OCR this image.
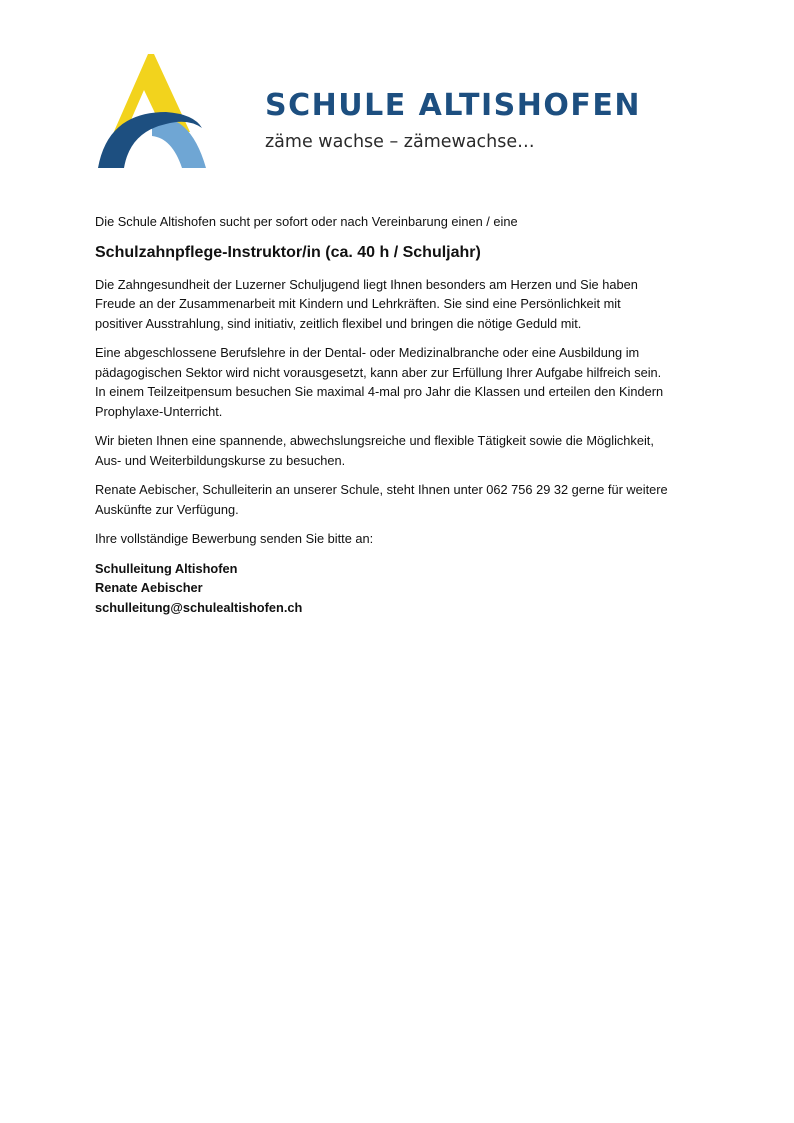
SCHULE ALTISHOFEN
zäme wachse – zämewachse…

Die Schule Altishofen sucht per sofort oder nach Vereinbarung einen / eine

Schulzahnpflege-Instruktor/in (ca. 40 h / Schuljahr)

Die Zahngesundheit der Luzerner Schuljugend liegt Ihnen besonders am Herzen und Sie haben
Freude an der Zusammenarbeit mit Kindern und Lehrkräften. Sie sind eine Persönlichkeit mit
positiver Ausstrahlung, sind initiativ, zeitlich flexibel und bringen die nötige Geduld mit.

Eine abgeschlossene Berufslehre in der Dental- oder Medizinalbranche oder eine Ausbildung im
pädagogischen Sektor wird nicht vorausgesetzt, kann aber zur Erfüllung Ihrer Aufgabe hilfreich sein.
In einem Teilzeitpensum besuchen Sie maximal 4-mal pro Jahr die Klassen und erteilen den Kindern
Prophylaxe-Unterricht.

Wir bieten Ihnen eine spannende, abwechslungsreiche und flexible Tätigkeit sowie die Möglichkeit,
Aus- und Weiterbildungskurse zu besuchen.

Renate Aebischer, Schulleiterin an unserer Schule, steht Ihnen unter 062 756 29 32 gerne für weitere
Auskünfte zur Verfügung.

Ihre vollständige Bewerbung senden Sie bitte an:

Schulleitung Altishofen
Renate Aebischer
schulleitung@schulealtishofen.ch
